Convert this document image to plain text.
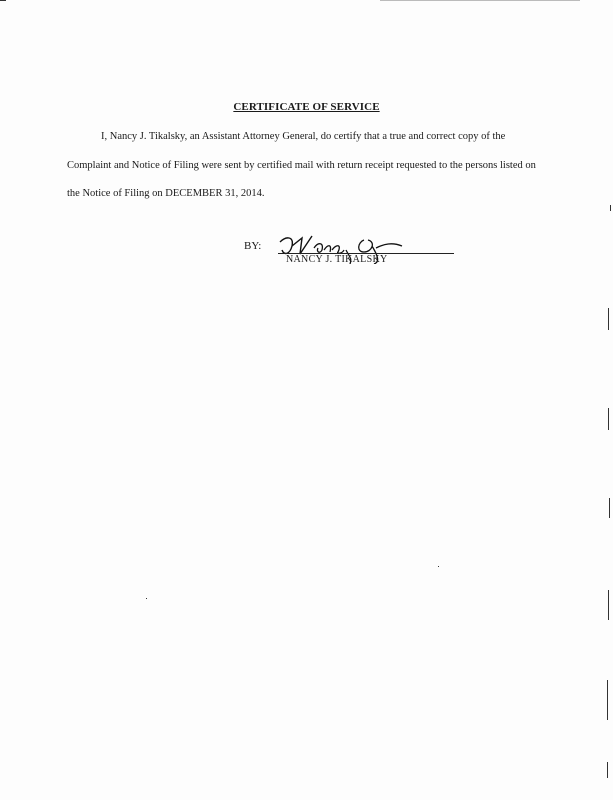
CERTIFICATE OF SERVICE

I, Nancy J. Tikalsky, an Assistant Attorney General, do certify that a true and correct copy of the Complaint and Notice of Filing were sent by certified mail with return receipt requested to the persons listed on the Notice of Filing on DECEMBER 31, 2014.

BY:
NANCY J. TIKALSKY
